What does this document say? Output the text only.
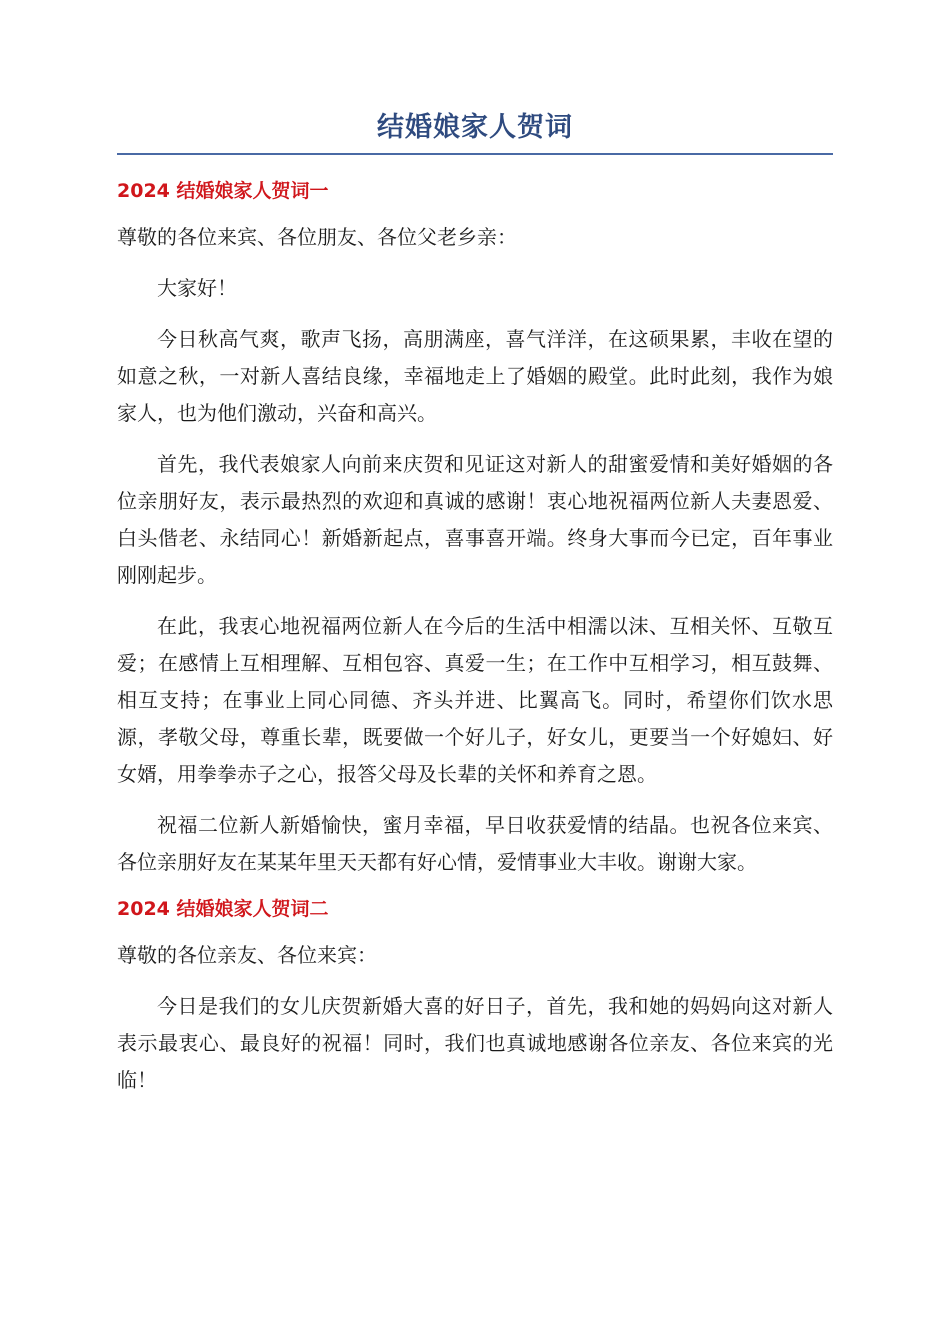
结婚娘家人贺词
2024 结婚娘家人贺词一

尊敬的各位来宾、各位朋友、各位父老乡亲：

大家好！

今日秋高气爽，歌声飞扬，高朋满座，喜气洋洋，在这硕果累，丰收在望的如意之秋，一对新人喜结良缘，幸福地走上了婚姻的殿堂。此时此刻，我作为娘家人，也为他们激动，兴奋和高兴。

首先，我代表娘家人向前来庆贺和见证这对新人的甜蜜爱情和美好婚姻的各位亲朋好友，表示最热烈的欢迎和真诚的感谢！衷心地祝福两位新人夫妻恩爱、白头偕老、永结同心！新婚新起点，喜事喜开端。终身大事而今已定，百年事业刚刚起步。

在此，我衷心地祝福两位新人在今后的生活中相濡以沫、互相关怀、互敬互爱；在感情上互相理解、互相包容、真爱一生；在工作中互相学习，相互鼓舞、相互支持；在事业上同心同德、齐头并进、比翼高飞。同时，希望你们饮水思源，孝敬父母，尊重长辈，既要做一个好儿子，好女儿，更要当一个好媳妇、好女婿，用拳拳赤子之心，报答父母及长辈的关怀和养育之恩。

祝福二位新人新婚愉快，蜜月幸福，早日收获爱情的结晶。也祝各位来宾、各位亲朋好友在某某年里天天都有好心情，爱情事业大丰收。谢谢大家。

2024 结婚娘家人贺词二

尊敬的各位亲友、各位来宾：

今日是我们的女儿庆贺新婚大喜的好日子，首先，我和她的妈妈向这对新人表示最衷心、最良好的祝福！同时，我们也真诚地感谢各位亲友、各位来宾的光临！
